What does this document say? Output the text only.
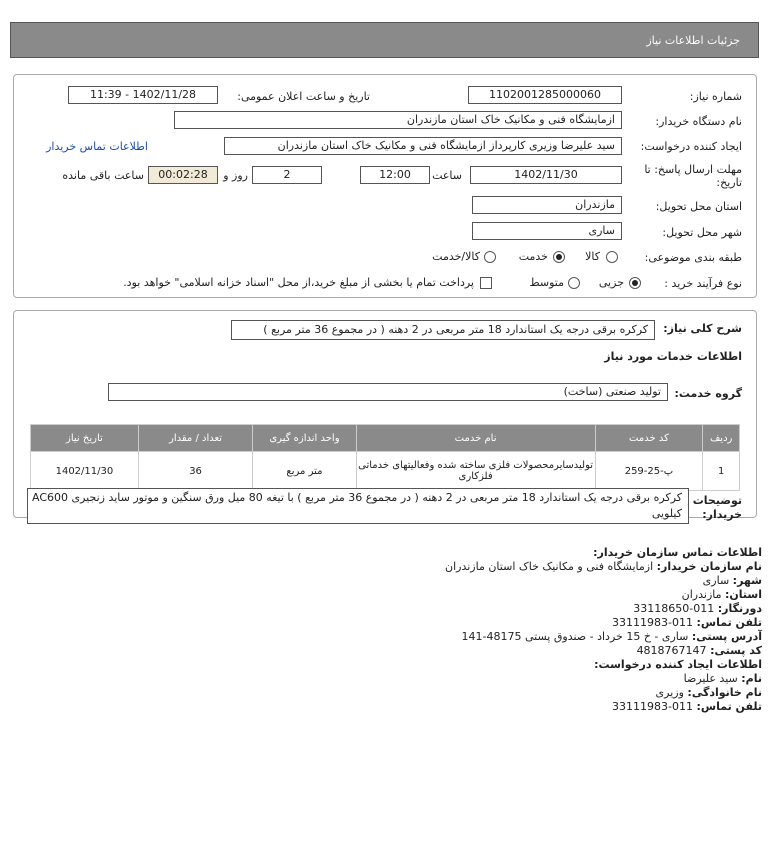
جزئیات اطلاعات نیاز
شماره نیاز:
1102001285000060
تاریخ و ساعت اعلان عمومی:
1402/11/28 - 11:39
نام دستگاه خریدار:
ازمایشگاه فنی و مکانیک خاک استان مازندران
ایجاد کننده درخواست:
سید علیرضا وزیری کارپرداز ازمایشگاه فنی و مکانیک خاک استان مازندران
اطلاعات تماس خریدار
مهلت ارسال پاسخ: تا تاریخ:
1402/11/30
ساعت
12:00
2
روز و
00:02:28
ساعت باقی مانده
استان محل تحویل:
مازندران
شهر محل تحویل:
ساری
طبقه بندی موضوعی:
کالا
خدمت
کالا/خدمت
نوع فرآیند خرید :
جزیی
متوسط
پرداخت تمام یا بخشی از مبلغ خرید،از محل "اسناد خزانه اسلامی" خواهد بود.
شرح کلی نیاز:
کرکره برقی درجه یک استاندارد 18 متر مربعی در 2 دهنه ( در مجموع 36 متر مربع )
اطلاعات خدمات مورد نیاز
گروه خدمت:
تولید صنعتی (ساخت)
ردیف	کد خدمت	نام خدمت	واحد اندازه گیری	تعداد / مقدار	تاریخ نیاز
1	پ-25-259	تولیدسایرمحصولات فلزی ساخته شده وفعالیتهای خدماتی فلزکاری	متر مربع	36	1402/11/30
توضیحات خریدار:
کرکره برقی درجه یک استاندارد 18 متر مربعی در 2 دهنه ( در مجموع 36 متر مربع ) با تیغه 80 میل ورق سنگین و موتور ساید زنجیری AC600 کیلویی
اطلاعات تماس سازمان خریدار:
نام سازمان خریدار: ازمایشگاه فنی و مکانیک خاک استان مازندران
شهر: ساری
استان: مازندران
دورنگار: 011-33118650
تلفن تماس: 011-33111983
آدرس پستی: ساری - خ 15 خرداد - صندوق پستی 48175-141
کد پستی: 4818767147
اطلاعات ایجاد کننده درخواست:
نام: سید علیرضا
نام خانوادگی: وزیری
تلفن تماس: 011-33111983
